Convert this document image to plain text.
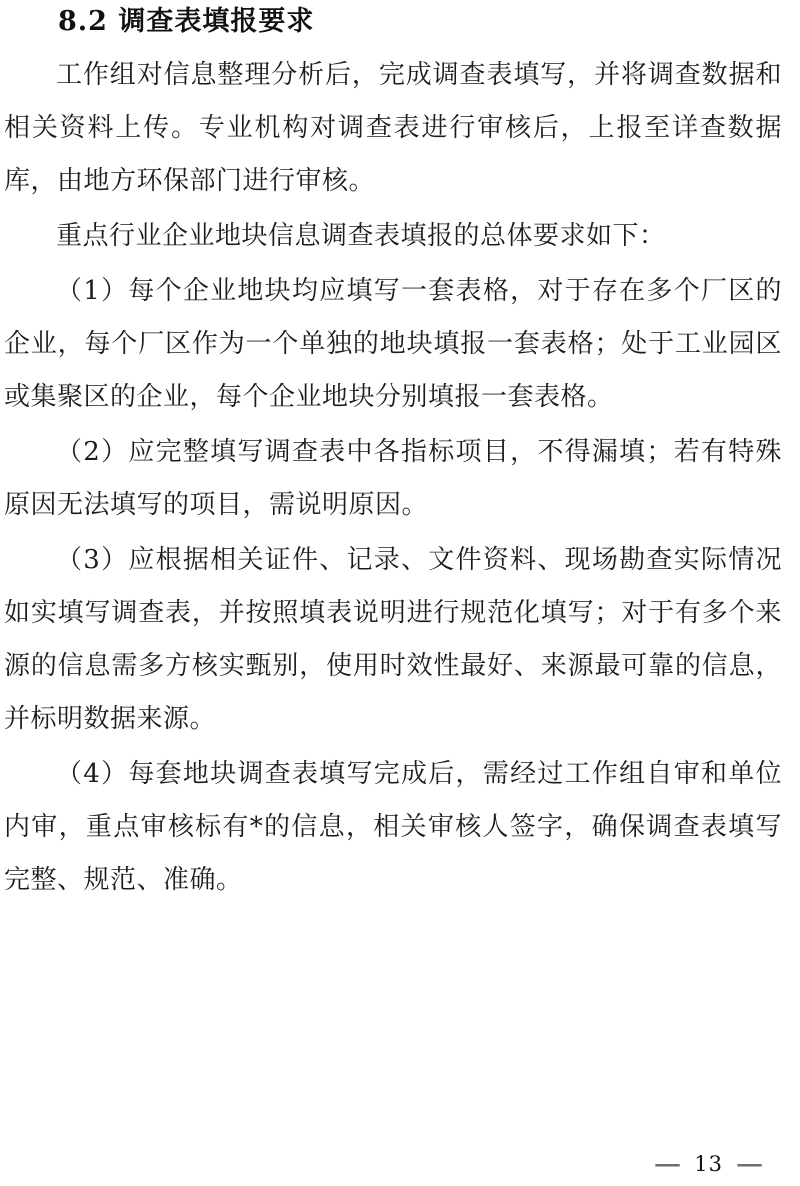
8.2 调查表填报要求

工作组对信息整理分析后，完成调查表填写，并将调查数据和相关资料上传。专业机构对调查表进行审核后，上报至详查数据库，由地方环保部门进行审核。

重点行业企业地块信息调查表填报的总体要求如下：

（1）每个企业地块均应填写一套表格，对于存在多个厂区的企业，每个厂区作为一个单独的地块填报一套表格；处于工业园区或集聚区的企业，每个企业地块分别填报一套表格。

（2）应完整填写调查表中各指标项目，不得漏填；若有特殊原因无法填写的项目，需说明原因。

（3）应根据相关证件、记录、文件资料、现场勘查实际情况如实填写调查表，并按照填表说明进行规范化填写；对于有多个来源的信息需多方核实甄别，使用时效性最好、来源最可靠的信息，并标明数据来源。

（4）每套地块调查表填写完成后，需经过工作组自审和单位内审，重点审核标有*的信息，相关审核人签字，确保调查表填写完整、规范、准确。

— 13 —
